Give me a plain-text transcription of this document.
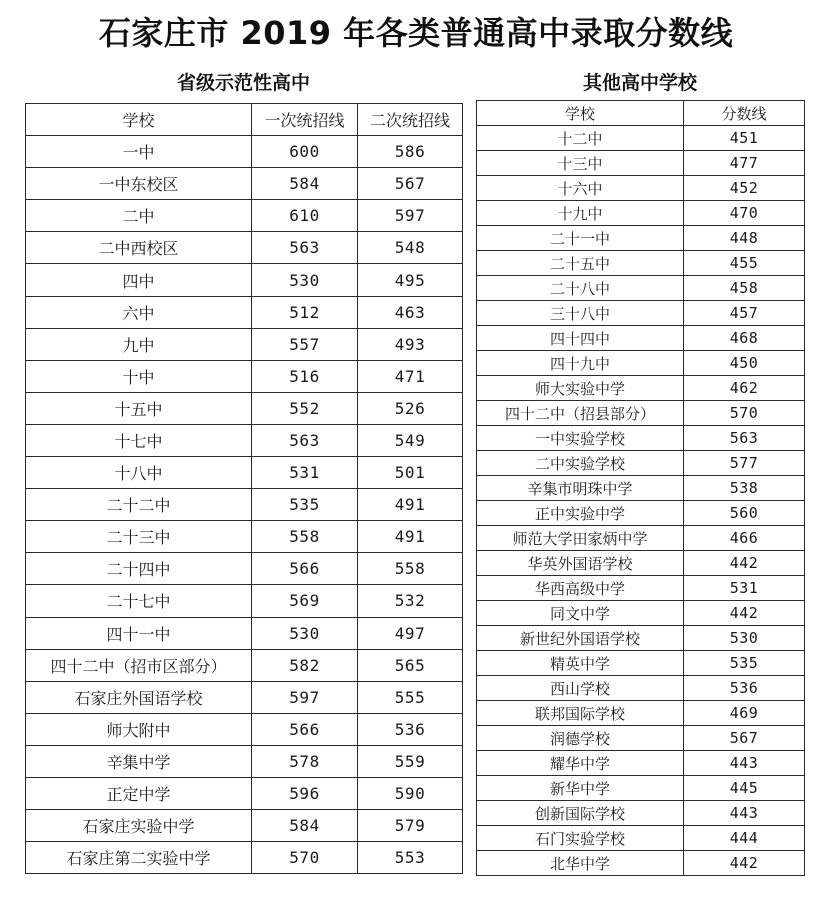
石家庄市 2019 年各类普通高中录取分数线
省级示范性高中	其他高中学校
学校	一次统招线	二次统招线
一中	600	586
一中东校区	584	567
二中	610	597
二中西校区	563	548
四中	530	495
六中	512	463
九中	557	493
十中	516	471
十五中	552	526
十七中	563	549
十八中	531	501
二十二中	535	491
二十三中	558	491
二十四中	566	558
二十七中	569	532
四十一中	530	497
四十二中（招市区部分）	582	565
石家庄外国语学校	597	555
师大附中	566	536
辛集中学	578	559
正定中学	596	590
石家庄实验中学	584	579
石家庄第二实验中学	570	553
学校	分数线
十二中	451
十三中	477
十六中	452
十九中	470
二十一中	448
二十五中	455
二十八中	458
三十八中	457
四十四中	468
四十九中	450
师大实验中学	462
四十二中（招县部分）	570
一中实验学校	563
二中实验学校	577
辛集市明珠中学	538
正中实验中学	560
师范大学田家炳中学	466
华英外国语学校	442
华西高级中学	531
同文中学	442
新世纪外国语学校	530
精英中学	535
西山学校	536
联邦国际学校	469
润德学校	567
耀华中学	443
新华中学	445
创新国际学校	443
石门实验学校	444
北华中学	442
